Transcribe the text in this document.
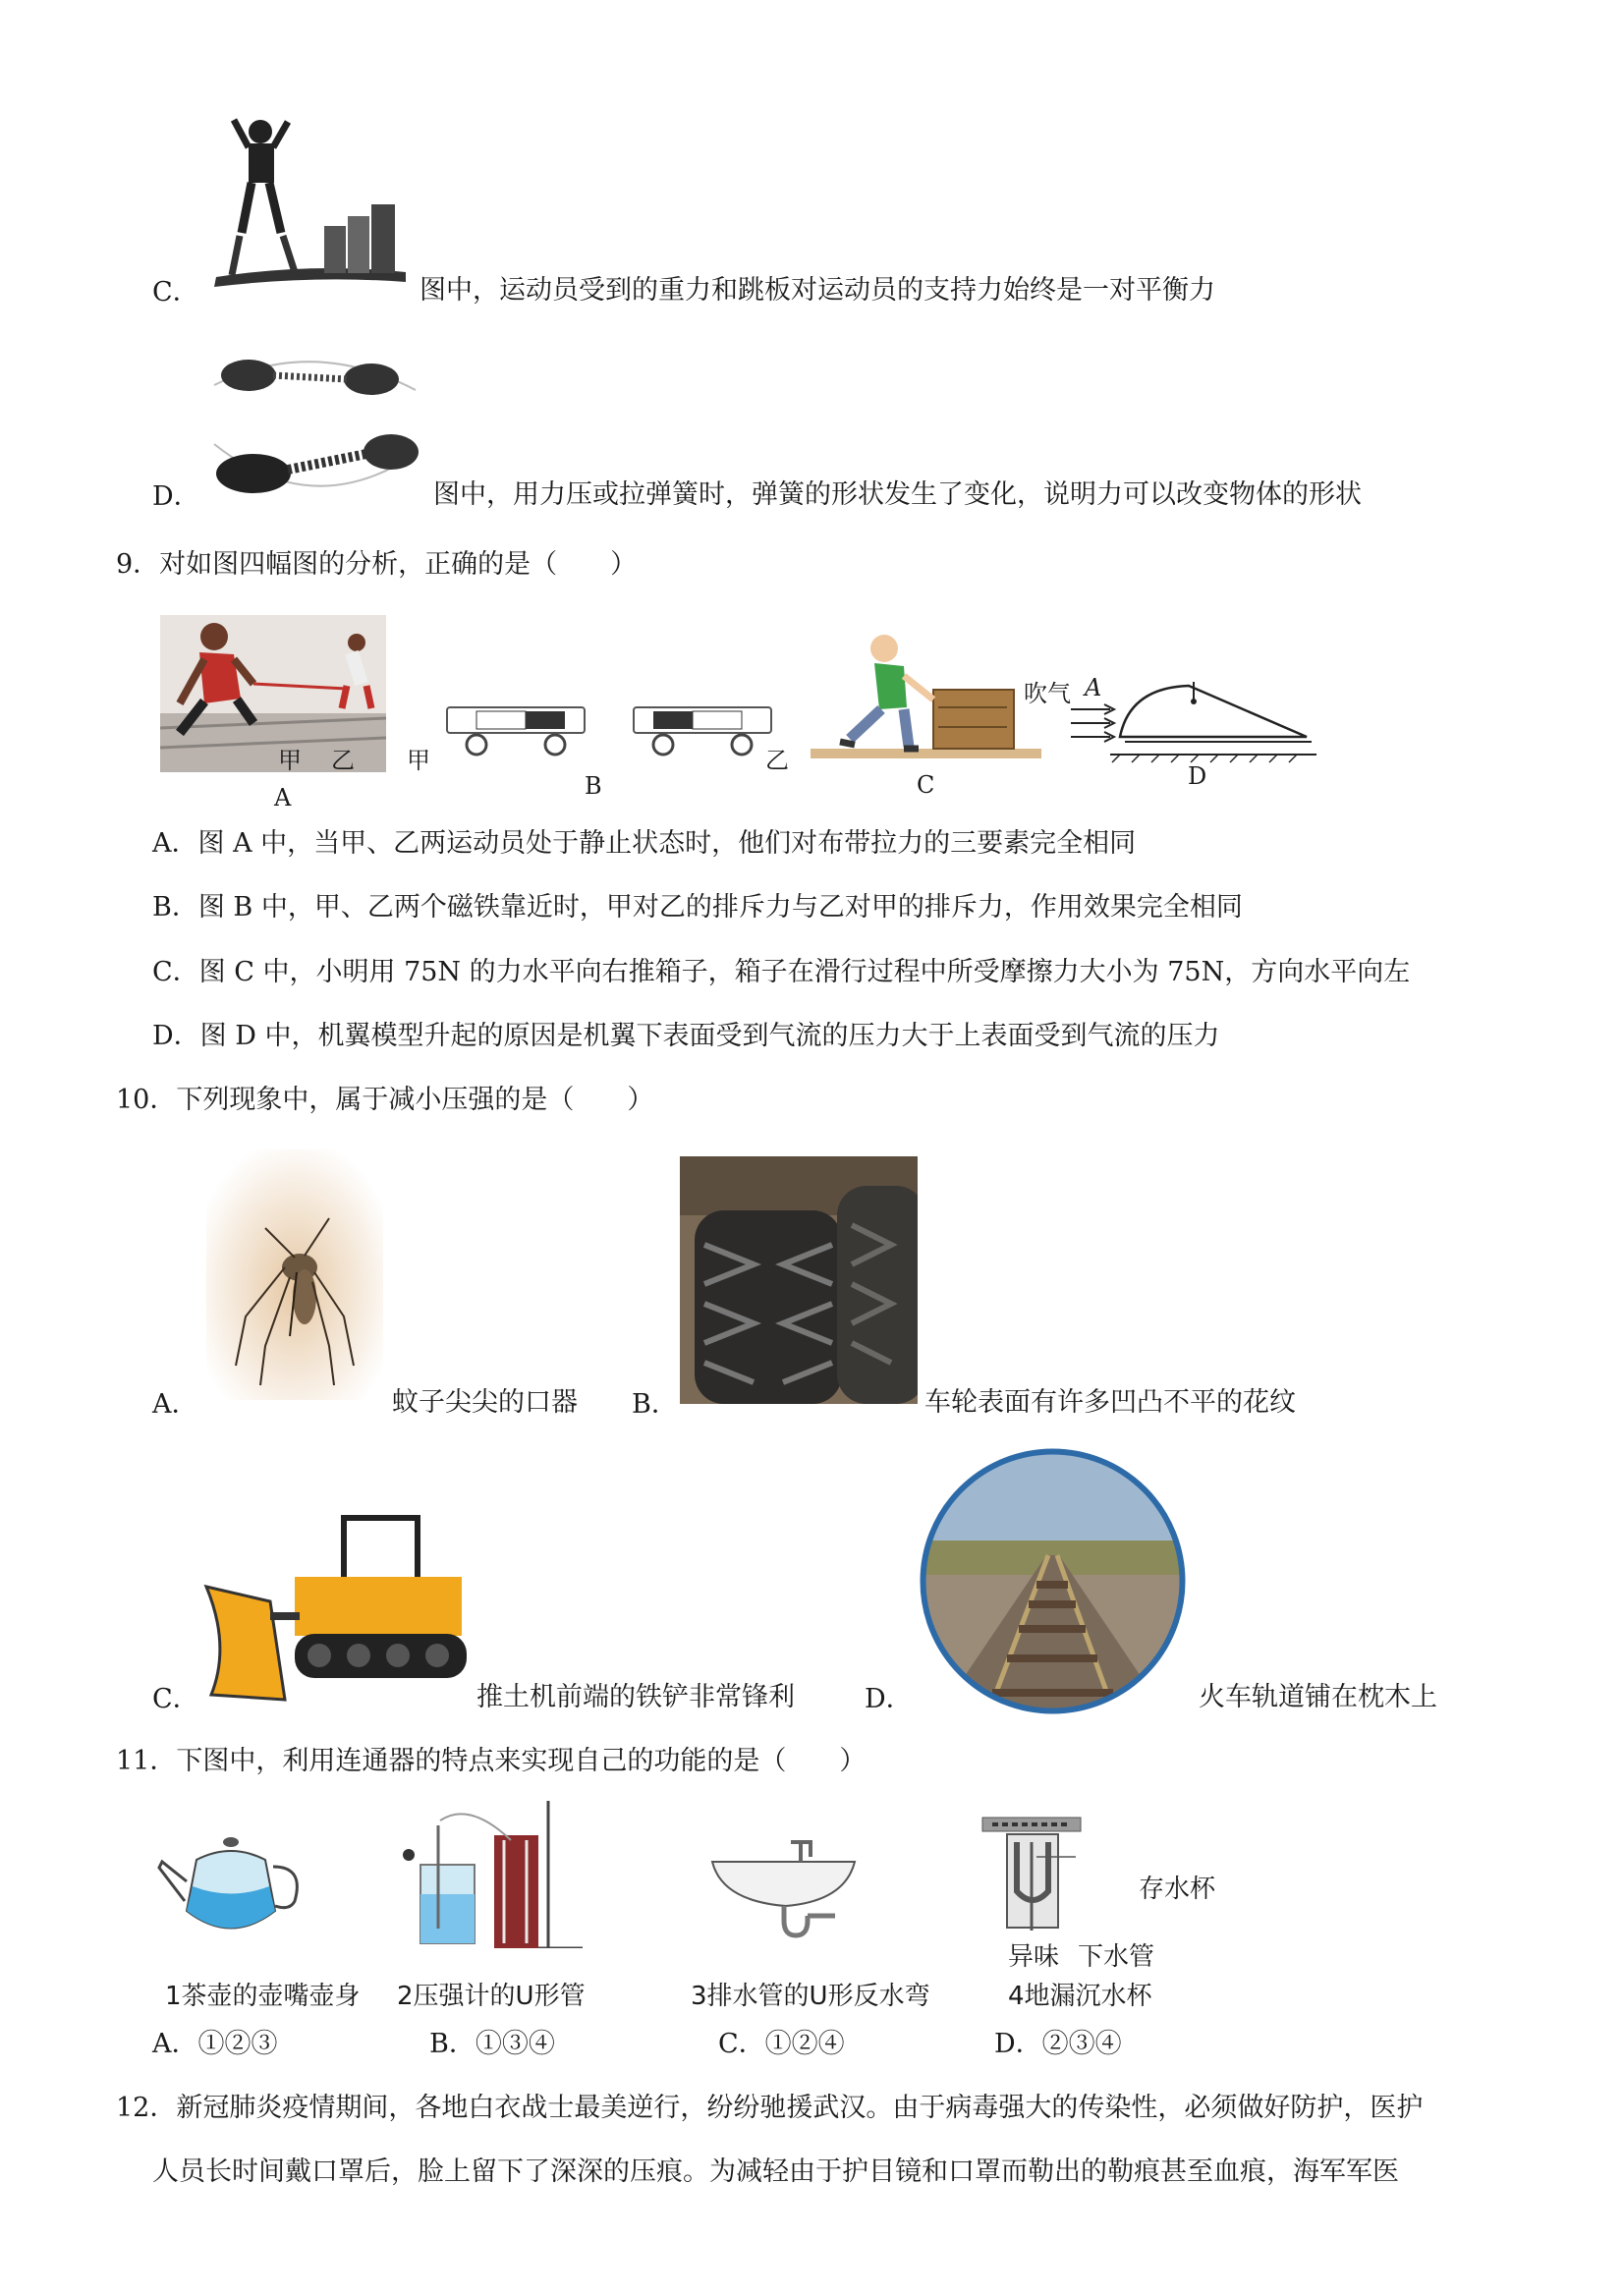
C．	图中，运动员受到的重力和跳板对运动员的支持力始终是一对平衡力
D．	图中，用力压或拉弹簧时，弹簧的形状发生了变化，说明力可以改变物体的形状
9．对如图四幅图的分析，正确的是（　　）
甲 乙
A
甲	乙
B	C
吹气 A
D
A．图 A 中，当甲、乙两运动员处于静止状态时，他们对布带拉力的三要素完全相同
B．图 B 中，甲、乙两个磁铁靠近时，甲对乙的排斥力与乙对甲的排斥力，作用效果完全相同
C．图 C 中，小明用 75N 的力水平向右推箱子，箱子在滑行过程中所受摩擦力大小为 75N，方向水平向左
D．图 D 中，机翼模型升起的原因是机翼下表面受到气流的压力大于上表面受到气流的压力
10．下列现象中，属于减小压强的是（　　）
A．	蚊子尖尖的口器 B．	车轮表面有许多凹凸不平的花纹
C．	推土机前端的铁铲非常锋利	D．	火车轨道铺在枕木上
11．下图中，利用连通器的特点来实现自己的功能的是（　　）
1茶壶的壶嘴壶身 2压强计的U形管	3排水管的U形反水弯
存水杯
异味 下水管
4地漏沉水杯
A．①②③	B．①③④	C．①②④	D．②③④
12．新冠肺炎疫情期间，各地白衣战士最美逆行，纷纷驰援武汉。由于病毒强大的传染性，必须做好防护，医护
人员长时间戴口罩后，脸上留下了深深的压痕。为减轻由于护目镜和口罩而勒出的勒痕甚至血痕，海军军医
